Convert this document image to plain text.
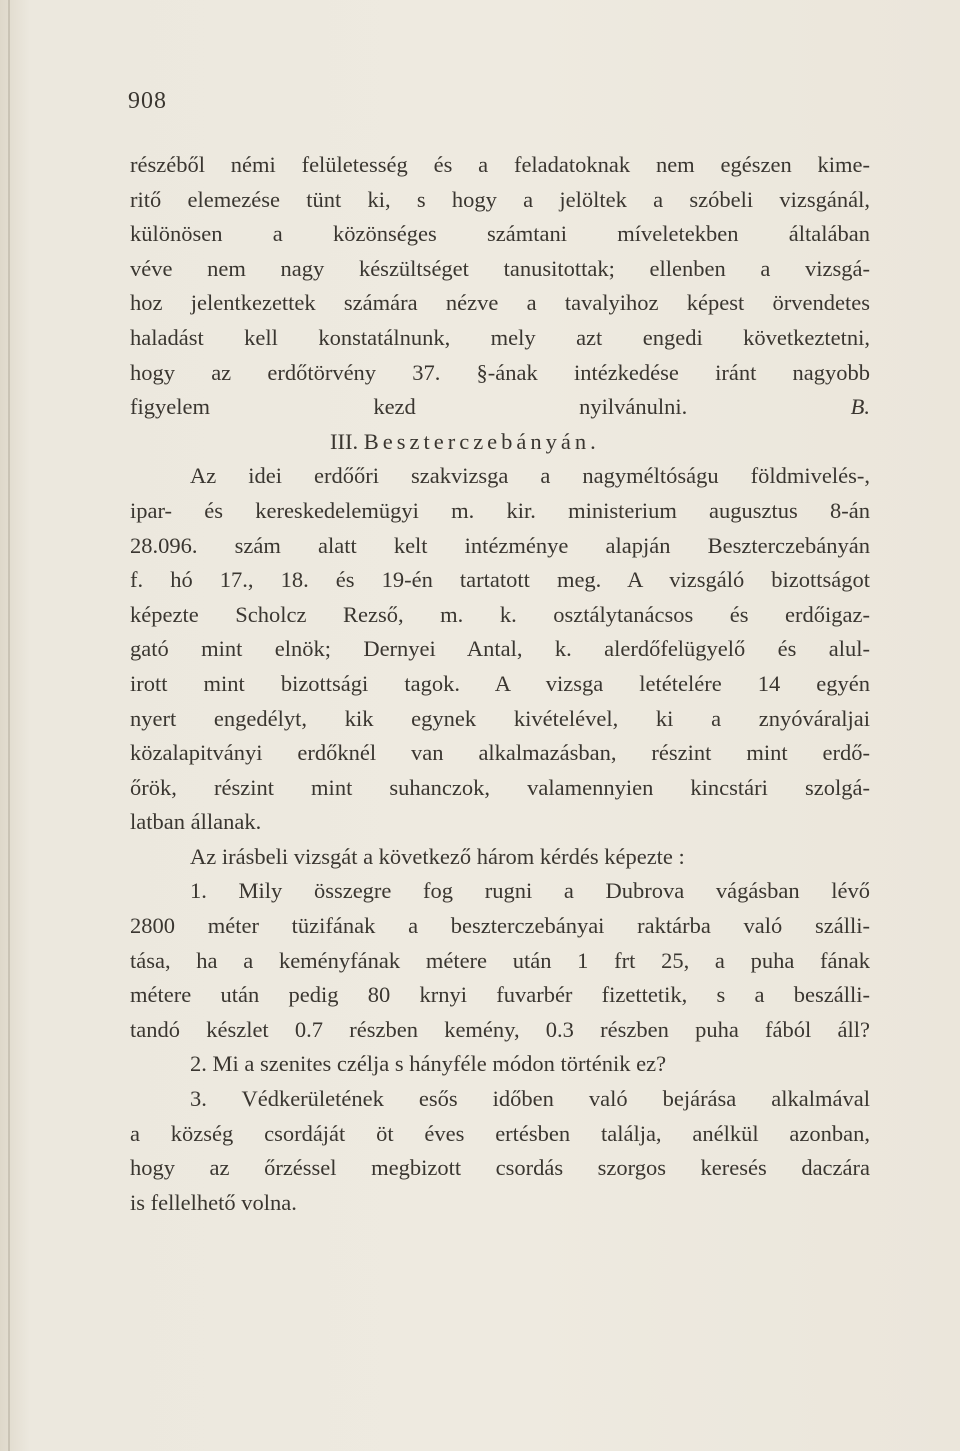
908
részéből némi felületesség és a feladatoknak nem egészen kime-
ritő elemezése tünt ki, s hogy a jelöltek a szóbeli vizsgánál,
különösen a közönséges számtani míveletekben általában
véve nem nagy készültséget tanusitottak; ellenben a vizsgá-
hoz jelentkezettek számára nézve a tavalyihoz képest örvendetes
haladást kell konstatálnunk, mely azt engedi következtetni,
hogy az erdőtörvény 37. §-ának intézkedése iránt nagyobb
figyelem kezd nyilvánulni.	B.
III. Beszterczebányán.
Az idei erdőőri szakvizsga a nagyméltóságu földmivelés-,
ipar- és kereskedelemügyi m. kir. ministerium augusztus 8-án
28.096. szám alatt kelt intézménye alapján Beszterczebányán
f. hó 17., 18. és 19-én tartatott meg. A vizsgáló bizottságot
képezte Scholcz Rezső, m. k. osztálytanácsos és erdőigaz-
gató mint elnök; Dernyei Antal, k. alerdőfelügyelő és alul-
irott mint bizottsági tagok. A vizsga letételére 14 egyén
nyert engedélyt, kik egynek kivételével, ki a znyóváraljai
közalapitványi erdőknél van alkalmazásban, részint mint erdő-
őrök, részint mint suhanczok, valamennyien kincstári szolgá-
latban állanak.
Az irásbeli vizsgát a következő három kérdés képezte :
1. Mily összegre fog rugni a Dubrova vágásban lévő
2800 méter tüzifának a beszterczebányai raktárba való szálli-
tása, ha a keményfának métere után 1 frt 25, a puha fának
métere után pedig 80 krnyi fuvarbér fizettetik, s a beszálli-
tandó készlet 0.7 részben kemény, 0.3 részben puha fából áll?
2. Mi a szenites czélja s hányféle módon történik ez?
3. Védkerületének esős időben való bejárása alkalmával
a község csordáját öt éves ertésben találja, anélkül azonban,
hogy az őrzéssel megbizott csordás szorgos keresés daczára
is fellelhető volna.
